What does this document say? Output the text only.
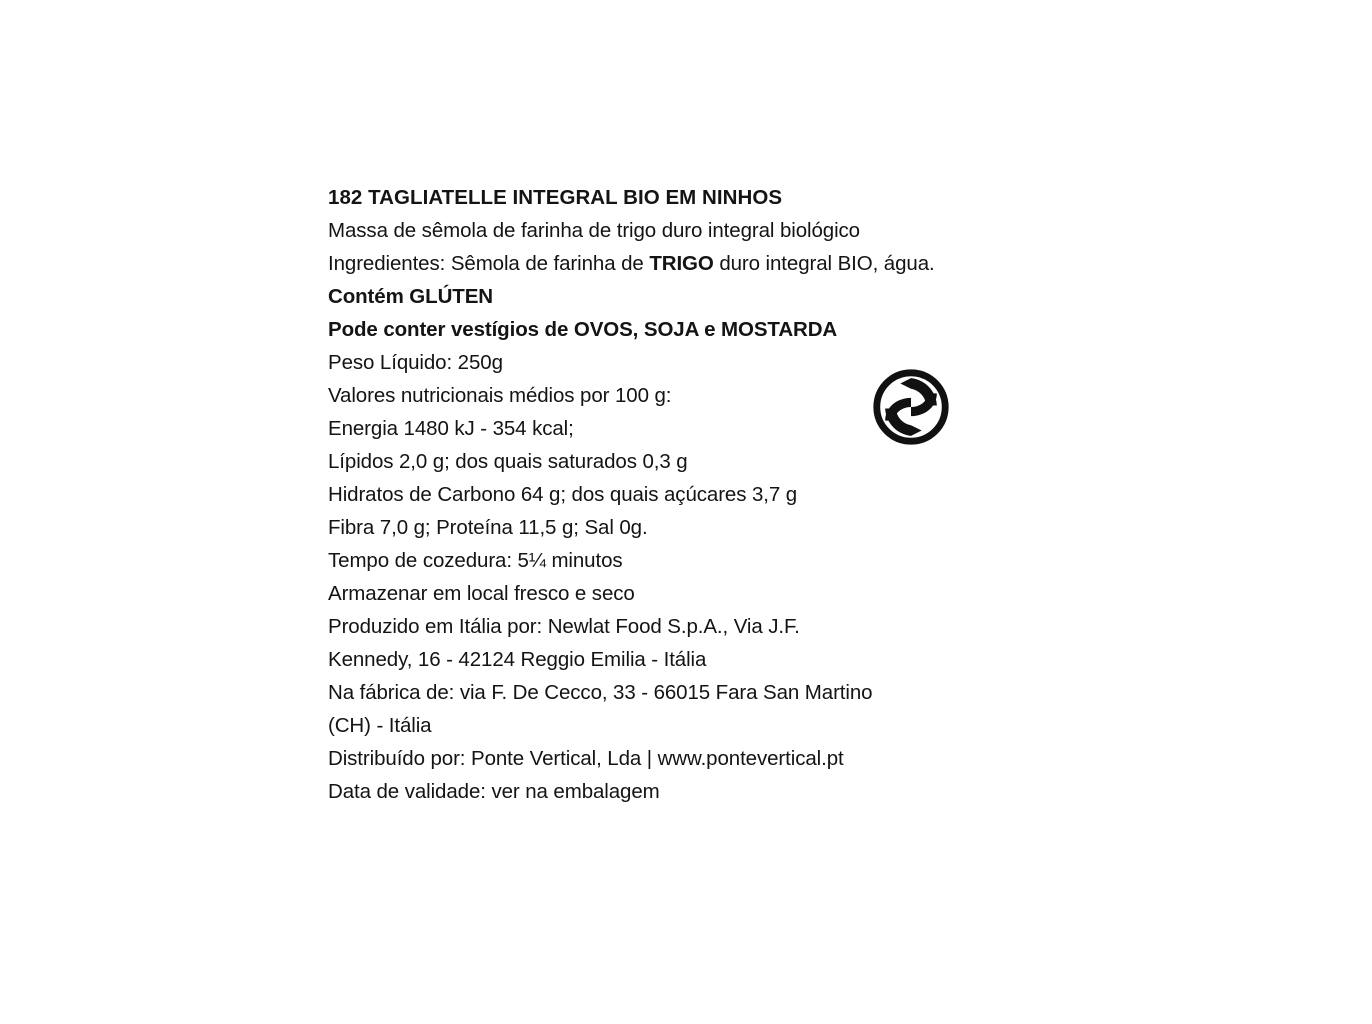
182 TAGLIATELLE INTEGRAL BIO EM NINHOS
Massa de sêmola de farinha de trigo duro integral biológico
Ingredientes: Sêmola de farinha de TRIGO duro integral BIO, água.
Contém GLÚTEN
Pode conter vestígios de OVOS, SOJA e MOSTARDA
Peso Líquido: 250g
Valores nutricionais médios por 100 g:
Energia 1480 kJ - 354 kcal;
Lípidos 2,0 g; dos quais saturados 0,3 g
Hidratos de Carbono 64 g; dos quais açúcares 3,7 g
Fibra 7,0 g; Proteína 11,5 g; Sal 0g.
Tempo de cozedura: 5¼ minutos
Armazenar em local fresco e seco
Produzido em Itália por: Newlat Food S.p.A., Via J.F.
Kennedy, 16 - 42124 Reggio Emilia - Itália
Na fábrica de: via F. De Cecco, 33 - 66015 Fara San Martino
(CH) - Itália
Distribuído por: Ponte Vertical, Lda | www.pontevertical.pt
Data de validade: ver na embalagem
